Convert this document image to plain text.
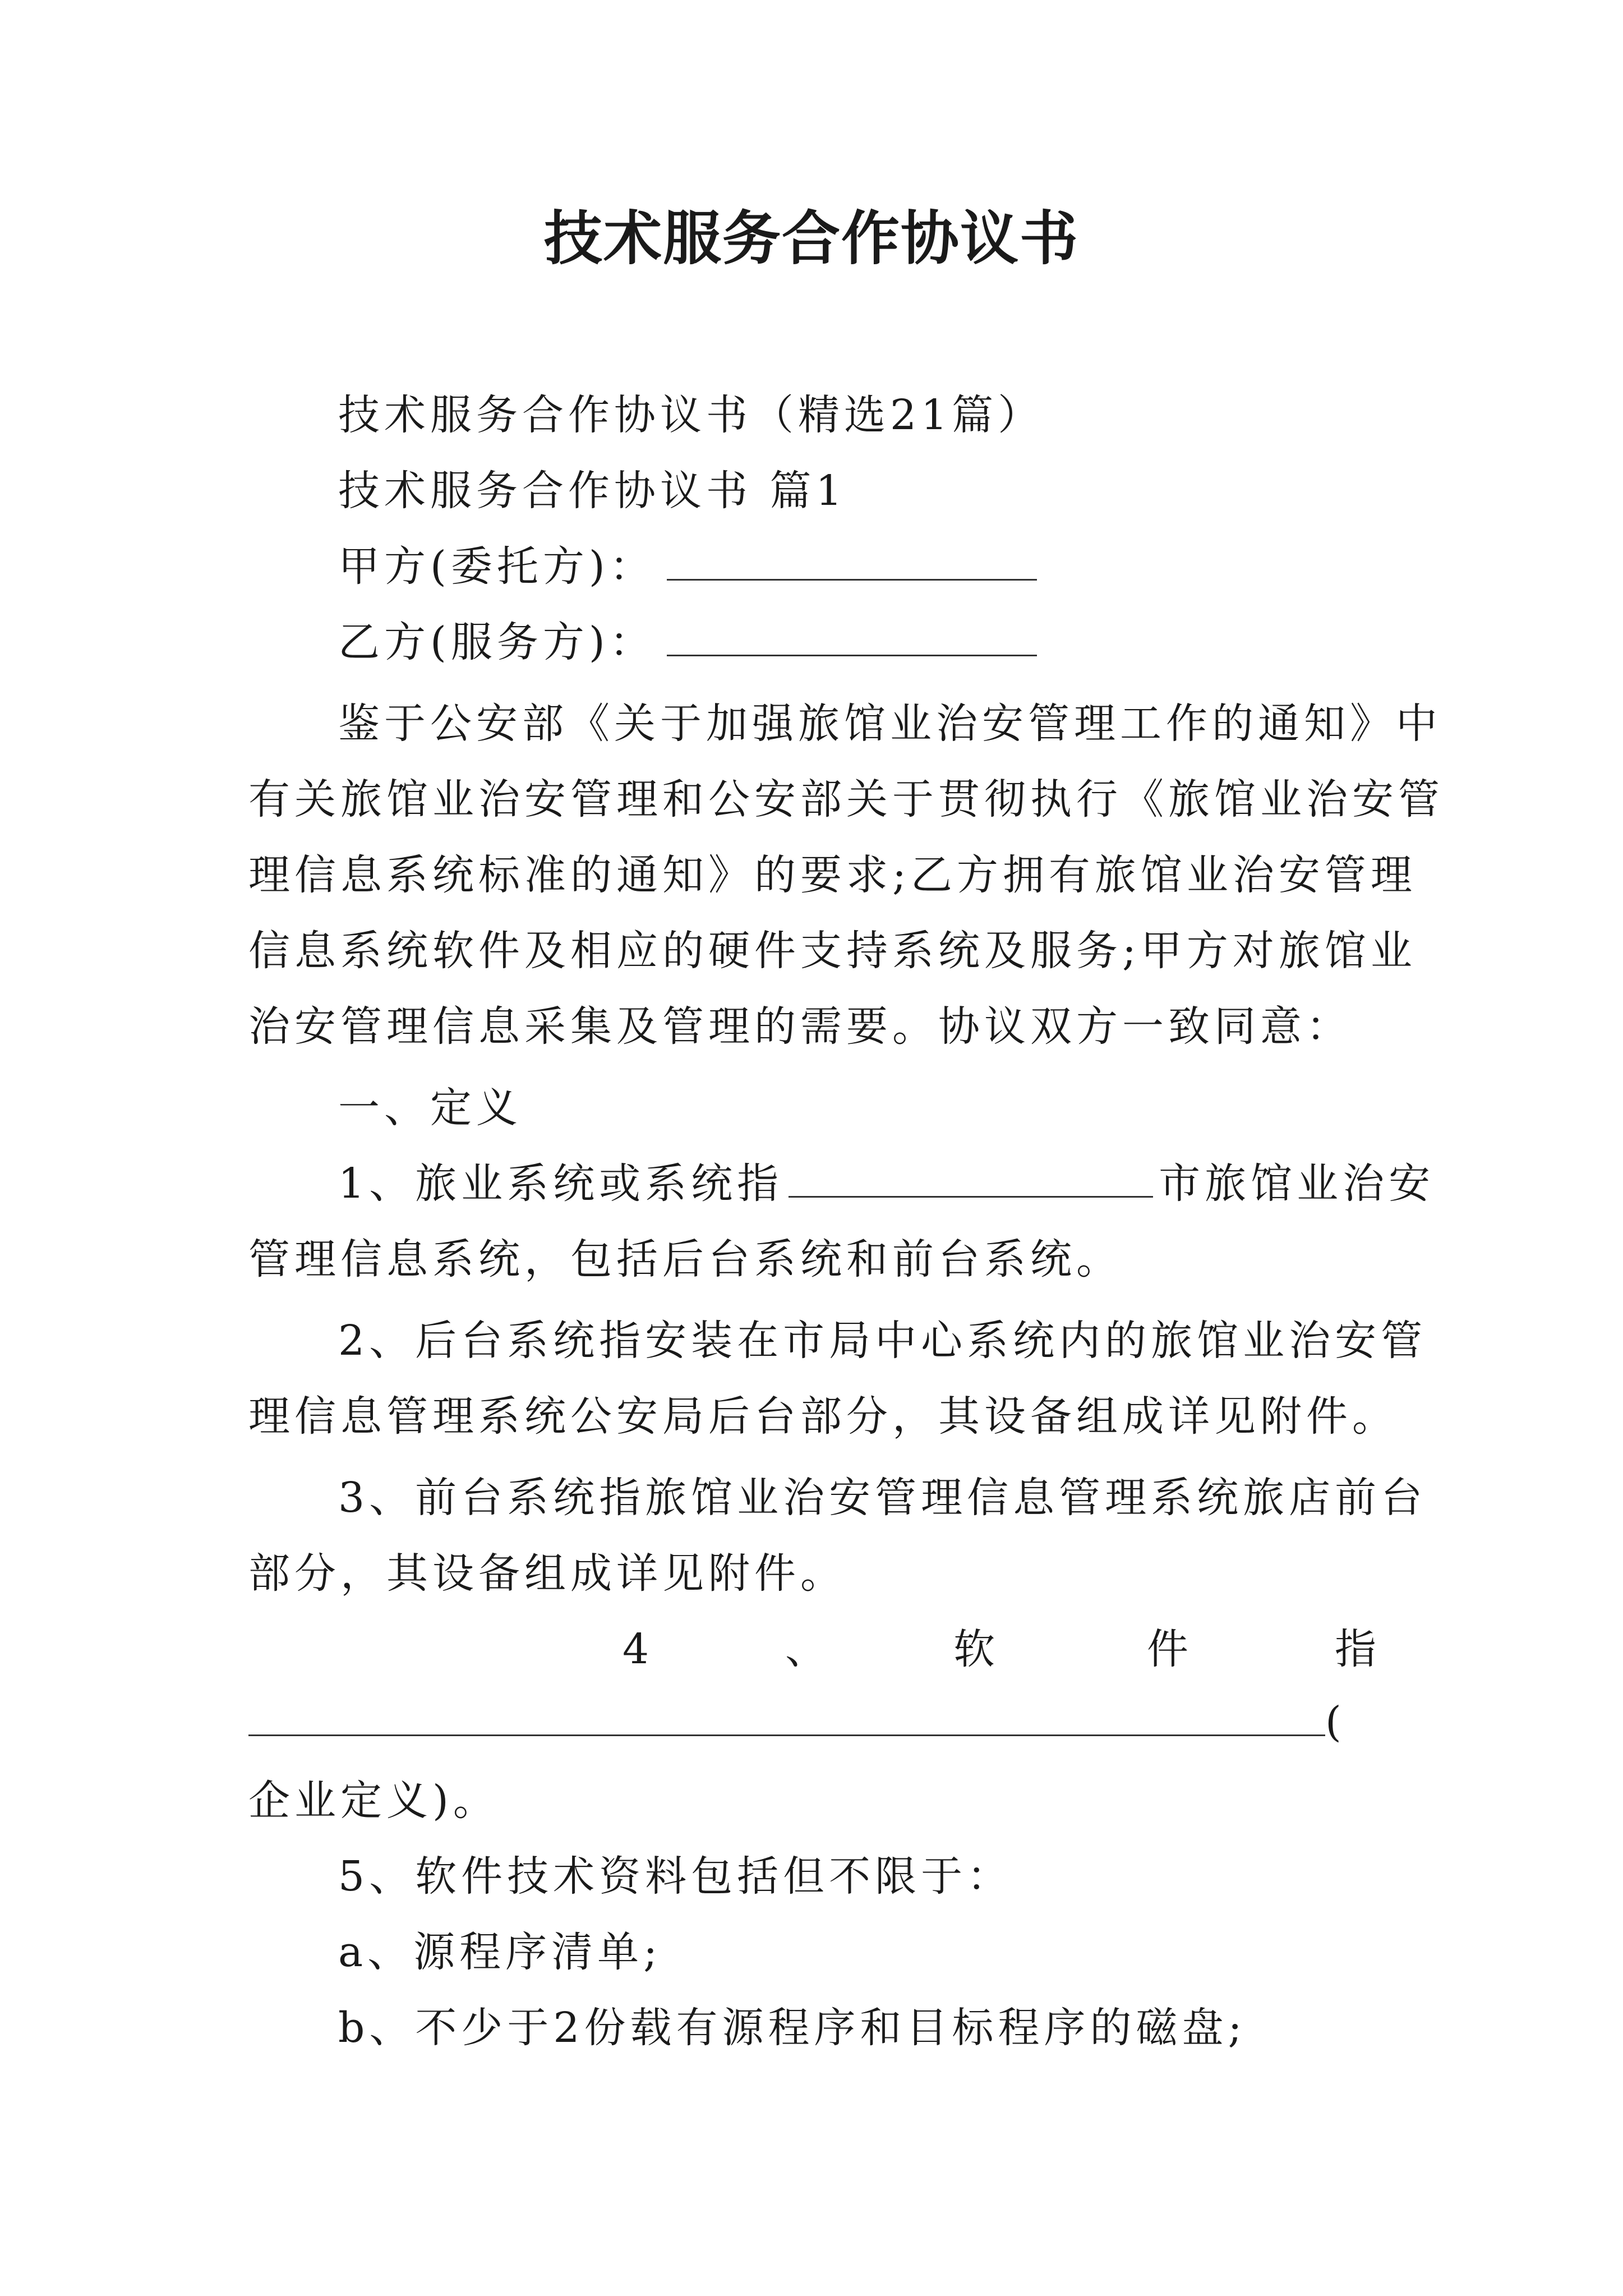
技术服务合作协议书
技术服务合作协议书（精选21篇）
技术服务合作协议书 篇1
甲方(委托方)：
乙方(服务方)：
鉴于公安部《关于加强旅馆业治安管理工作的通知》中
有关旅馆业治安管理和公安部关于贯彻执行《旅馆业治安管
理信息系统标准的通知》的要求;乙方拥有旅馆业治安管理
信息系统软件及相应的硬件支持系统及服务;甲方对旅馆业
治安管理信息采集及管理的需要。协议双方一致同意：
一、定义
1、旅业系统或系统指	市旅馆业治安
管理信息系统，包括后台系统和前台系统。
2、后台系统指安装在市局中心系统内的旅馆业治安管
理信息管理系统公安局后台部分，其设备组成详见附件。
3、前台系统指旅馆业治安管理信息管理系统旅店前台
部分，其设备组成详见附件。
4	、	软	件	指
(
企业定义)。
5、软件技术资料包括但不限于：
a、源程序清单;
b、不少于2份载有源程序和目标程序的磁盘;
